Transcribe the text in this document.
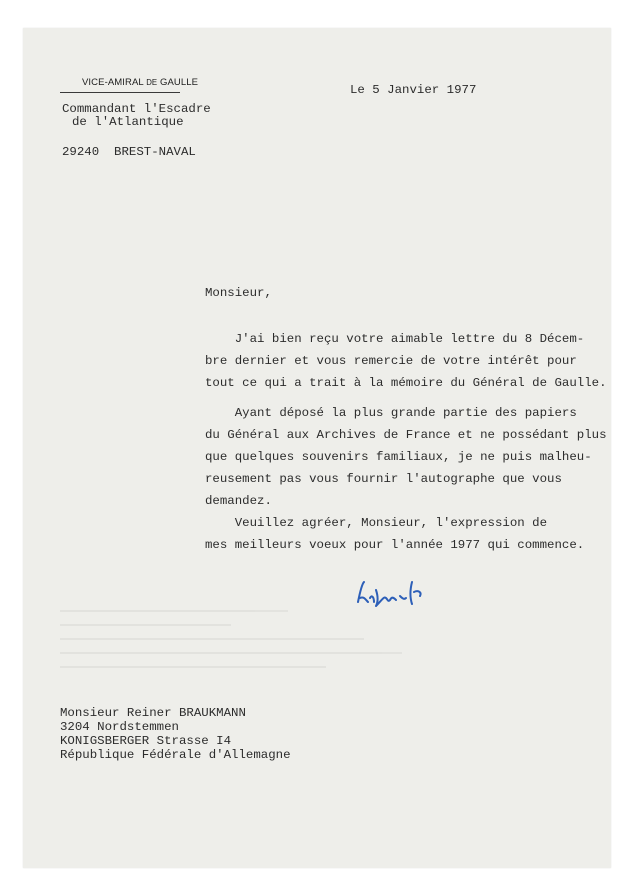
VICE-AMIRAL DE GAULLE
Commandant l'Escadre
de l'Atlantique
29240  BREST-NAVAL
Le 5 Janvier 1977
Monsieur,
J'ai bien reçu votre aimable lettre du 8 Décem-
bre dernier et vous remercie de votre intérêt pour
tout ce qui a trait à la mémoire du Général de Gaulle.
Ayant déposé la plus grande partie des papiers
du Général aux Archives de France et ne possédant plus
que quelques souvenirs familiaux, je ne puis malheu-
reusement pas vous fournir l'autographe que vous
demandez.
Veuillez agréer, Monsieur, l'expression de
mes meilleurs voeux pour l'année 1977 qui commence.
Monsieur Reiner BRAUKMANN
3204 Nordstemmen
KONIGSBERGER Strasse I4
République Fédérale d'Allemagne
